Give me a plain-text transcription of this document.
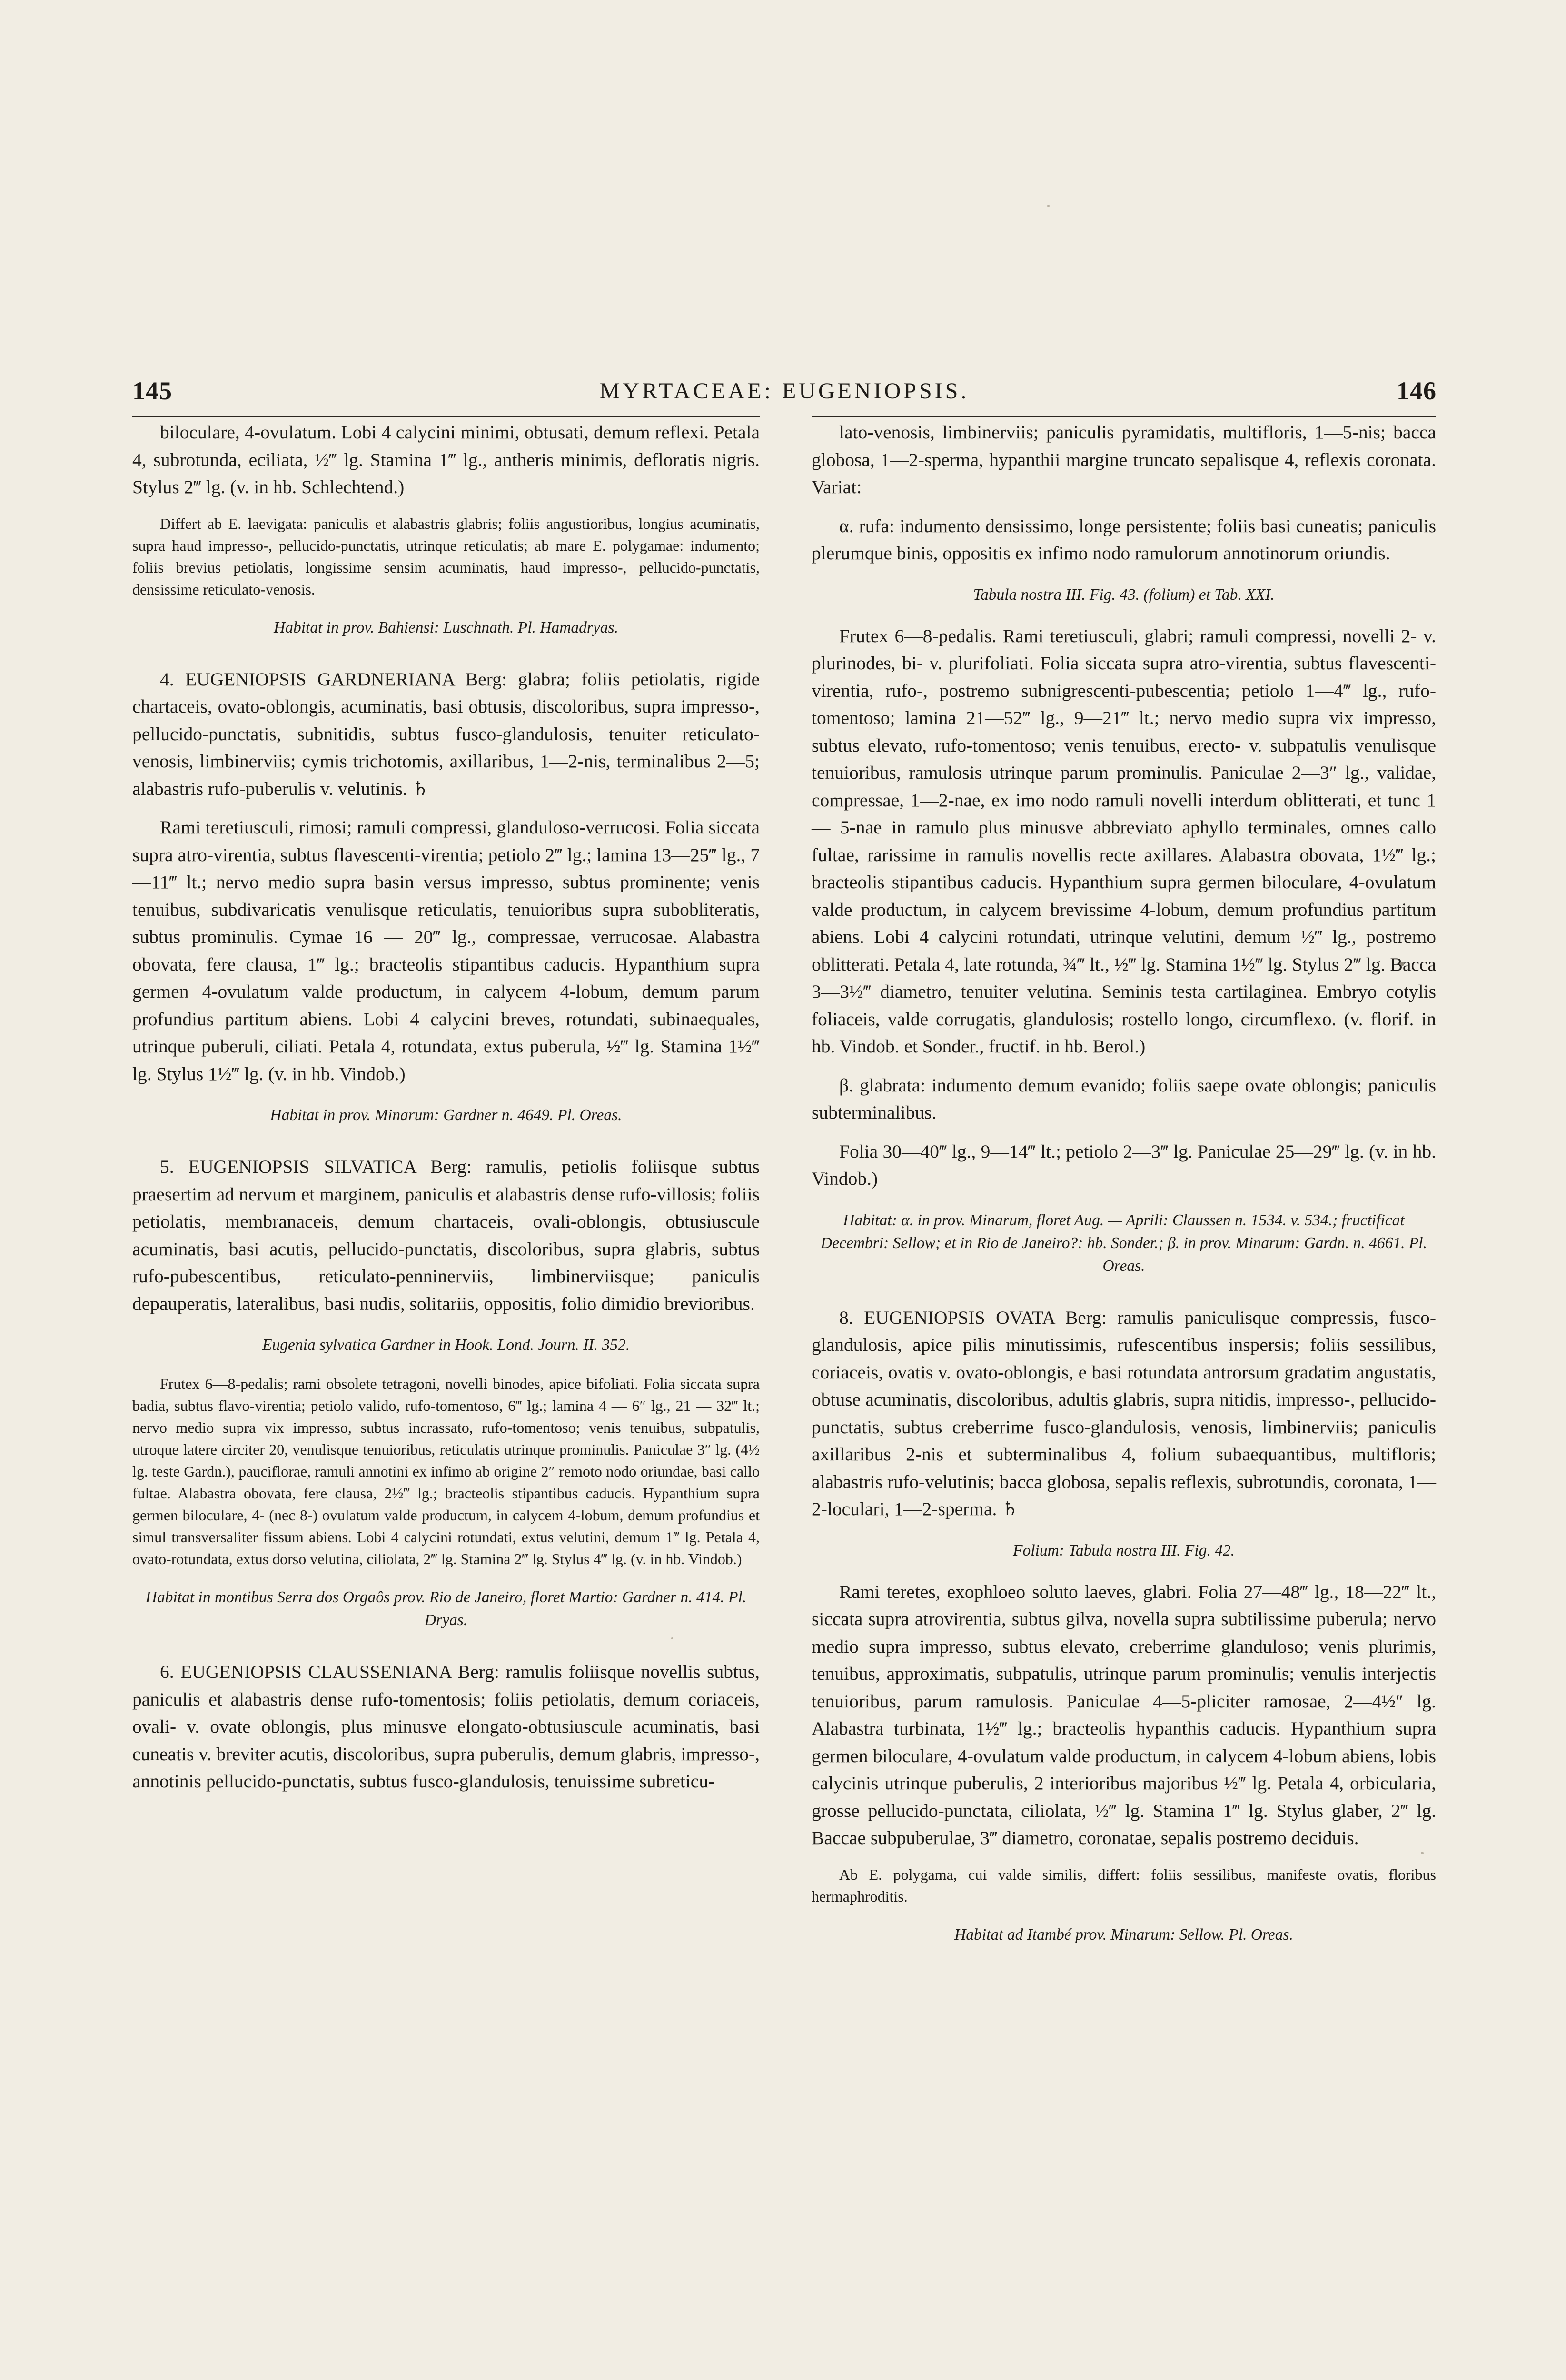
145	MYRTACEAE: EUGENIOPSIS.	146

biloculare, 4-ovulatum. Lobi 4 calycini minimi, obtusati, demum reflexi. Petala 4, subrotunda, eciliata, ½‴ lg. Stamina 1‴ lg., antheris minimis, defloratis nigris. Stylus 2‴ lg. (v. in hb. Schlechtend.)

Differt ab E. laevigata: paniculis et alabastris glabris; foliis angustioribus, longius acuminatis, supra haud impresso-, pellucido-punctatis, utrinque reticulatis; ab mare E. polygamae: indumento; foliis brevius petiolatis, longissime sensim acuminatis, haud impresso-, pellucido-punctatis, densissime reticulato-venosis.

Habitat in prov. Bahiensi: Luschnath. Pl. Hamadryas.

4. EUGENIOPSIS GARDNERIANA Berg: glabra; foliis petiolatis, rigide chartaceis, ovato-oblongis, acuminatis, basi obtusis, discoloribus, supra impresso-, pellucido-punctatis, subnitidis, subtus fusco-glandulosis, tenuiter reticulato-venosis, limbinerviis; cymis trichotomis, axillaribus, 1—2-nis, terminalibus 2—5; alabastris rufo-puberulis v. velutinis. ♄

Rami teretiusculi, rimosi; ramuli compressi, glanduloso-verrucosi. Folia siccata supra atro-virentia, subtus flavescenti-virentia; petiolo 2‴ lg.; lamina 13—25‴ lg., 7—11‴ lt.; nervo medio supra basin versus impresso, subtus prominente; venis tenuibus, subdivaricatis venulisque reticulatis, tenuioribus supra subobliteratis, subtus prominulis. Cymae 16 — 20‴ lg., compressae, verrucosae. Alabastra obovata, fere clausa, 1‴ lg.; bracteolis stipantibus caducis. Hypanthium supra germen 4-ovulatum valde productum, in calycem 4-lobum, demum parum profundius partitum abiens. Lobi 4 calycini breves, rotundati, subinaequales, utrinque puberuli, ciliati. Petala 4, rotundata, extus puberula, ½‴ lg. Stamina 1½‴ lg. Stylus 1½‴ lg. (v. in hb. Vindob.)

Habitat in prov. Minarum: Gardner n. 4649. Pl. Oreas.

5. EUGENIOPSIS SILVATICA Berg: ramulis, petiolis foliisque subtus praesertim ad nervum et marginem, paniculis et alabastris dense rufo-villosis; foliis petiolatis, membranaceis, demum chartaceis, ovali-oblongis, obtusiuscule acuminatis, basi acutis, pellucido-punctatis, discoloribus, supra glabris, subtus rufo-pubescentibus, reticulato-penninerviis, limbinerviisque; paniculis depauperatis, lateralibus, basi nudis, solitariis, oppositis, folio dimidio brevioribus.

Eugenia sylvatica Gardner in Hook. Lond. Journ. II. 352.

Frutex 6—8-pedalis; rami obsolete tetragoni, novelli binodes, apice bifoliati. Folia siccata supra badia, subtus flavo-virentia; petiolo valido, rufo-tomentoso, 6‴ lg.; lamina 4 — 6″ lg., 21 — 32‴ lt.; nervo medio supra vix impresso, subtus incrassato, rufo-tomentoso; venis tenuibus, subpatulis, utroque latere circiter 20, venulisque tenuioribus, reticulatis utrinque prominulis. Paniculae 3″ lg. (4½ lg. teste Gardn.), pauciflorae, ramuli annotini ex infimo ab origine 2″ remoto nodo oriundae, basi callo fultae. Alabastra obovata, fere clausa, 2½‴ lg.; bracteolis stipantibus caducis. Hypanthium supra germen biloculare, 4- (nec 8-) ovulatum valde productum, in calycem 4-lobum, demum profundius et simul transversaliter fissum abiens. Lobi 4 calycini rotundati, extus velutini, demum 1‴ lg. Petala 4, ovato-rotundata, extus dorso velutina, ciliolata, 2‴ lg. Stamina 2‴ lg. Stylus 4‴ lg. (v. in hb. Vindob.)

Habitat in montibus Serra dos Orgaôs prov. Rio de Janeiro, floret Martio: Gardner n. 414. Pl. Dryas.

6. EUGENIOPSIS CLAUSSENIANA Berg: ramulis foliisque novellis subtus, paniculis et alabastris dense rufo-tomentosis; foliis petiolatis, demum coriaceis, ovali- v. ovate oblongis, plus minusve elongato-obtusiuscule acuminatis, basi cuneatis v. breviter acutis, discoloribus, supra puberulis, demum glabris, impresso-, annotinis pellucido-punctatis, subtus fusco-glandulosis, tenuissime subreticu-

lato-venosis, limbinerviis; paniculis pyramidatis, multifloris, 1—5-nis; bacca globosa, 1—2-sperma, hypanthii margine truncato sepalisque 4, reflexis coronata. Variat:

α. rufa: indumento densissimo, longe persistente; foliis basi cuneatis; paniculis plerumque binis, oppositis ex infimo nodo ramulorum annotinorum oriundis.

Tabula nostra III. Fig. 43. (folium) et Tab. XXI.

Frutex 6—8-pedalis. Rami teretiusculi, glabri; ramuli compressi, novelli 2- v. plurinodes, bi- v. plurifoliati. Folia siccata supra atro-virentia, subtus flavescenti-virentia, rufo-, postremo subnigrescenti-pubescentia; petiolo 1—4‴ lg., rufo- tomentoso; lamina 21—52‴ lg., 9—21‴ lt.; nervo medio supra vix impresso, subtus elevato, rufo-tomentoso; venis tenuibus, erecto- v. subpatulis venulisque tenuioribus, ramulosis utrinque parum prominulis. Paniculae 2—3″ lg., validae, compressae, 1—2-nae, ex imo nodo ramuli novelli interdum oblitterati, et tunc 1 — 5-nae in ramulo plus minusve abbreviato aphyllo terminales, omnes callo fultae, rarissime in ramulis novellis recte axillares. Alabastra obovata, 1½‴ lg.; bracteolis stipantibus caducis. Hypanthium supra germen biloculare, 4-ovulatum valde productum, in calycem brevissime 4-lobum, demum profundius partitum abiens. Lobi 4 calycini rotundati, utrinque velutini, demum ½‴ lg., postremo oblitterati. Petala 4, late rotunda, ¾‴ lt., ½‴ lg. Stamina 1½‴ lg. Stylus 2‴ lg. Bacca 3—3½‴ diametro, tenuiter velutina. Seminis testa cartilaginea. Embryo cotylis foliaceis, valde corrugatis, glandulosis; rostello longo, circumflexo. (v. florif. in hb. Vindob. et Sonder., fructif. in hb. Berol.)

β. glabrata: indumento demum evanido; foliis saepe ovate oblongis; paniculis subterminalibus.

Folia 30—40‴ lg., 9—14‴ lt.; petiolo 2—3‴ lg. Paniculae 25—29‴ lg. (v. in hb. Vindob.)

Habitat: α. in prov. Minarum, floret Aug. — Aprili: Claussen n. 1534. v. 534.; fructificat Decembri: Sellow; et in Rio de Janeiro?: hb. Sonder.; β. in prov. Minarum: Gardn. n. 4661. Pl. Oreas.

8. EUGENIOPSIS OVATA Berg: ramulis paniculisque compressis, fusco-glandulosis, apice pilis minutissimis, rufescentibus inspersis; foliis sessilibus, coriaceis, ovatis v. ovato-oblongis, e basi rotundata antrorsum gradatim angustatis, obtuse acuminatis, discoloribus, adultis glabris, supra nitidis, impresso-, pellucido-punctatis, subtus creberrime fusco-glandulosis, venosis, limbinerviis; paniculis axillaribus 2-nis et subterminalibus 4, folium subaequantibus, multifloris; alabastris rufo-velutinis; bacca globosa, sepalis reflexis, subrotundis, coronata, 1—2-loculari, 1—2-sperma. ♄

Folium: Tabula nostra III. Fig. 42.

Rami teretes, exophloeo soluto laeves, glabri. Folia 27—48‴ lg., 18—22‴ lt., siccata supra atrovirentia, subtus gilva, novella supra subtilissime puberula; nervo medio supra impresso, subtus elevato, creberrime glanduloso; venis plurimis, tenuibus, approximatis, subpatulis, utrinque parum prominulis; venulis interjectis tenuioribus, parum ramulosis. Paniculae 4—5-pliciter ramosae, 2—4½″ lg. Alabastra turbinata, 1½‴ lg.; bracteolis hypanthis caducis. Hypanthium supra germen biloculare, 4-ovulatum valde productum, in calycem 4-lobum abiens, lobis calycinis utrinque puberulis, 2 interioribus majoribus ½‴ lg. Petala 4, orbicularia, grosse pellucido-punctata, ciliolata, ½‴ lg. Stamina 1‴ lg. Stylus glaber, 2‴ lg. Baccae subpuberulae, 3‴ diametro, coronatae, sepalis postremo deciduis.

Ab E. polygama, cui valde similis, differt: foliis sessilibus, manifeste ovatis, floribus hermaphroditis.

Habitat ad Itambé prov. Minarum: Sellow. Pl. Oreas.
